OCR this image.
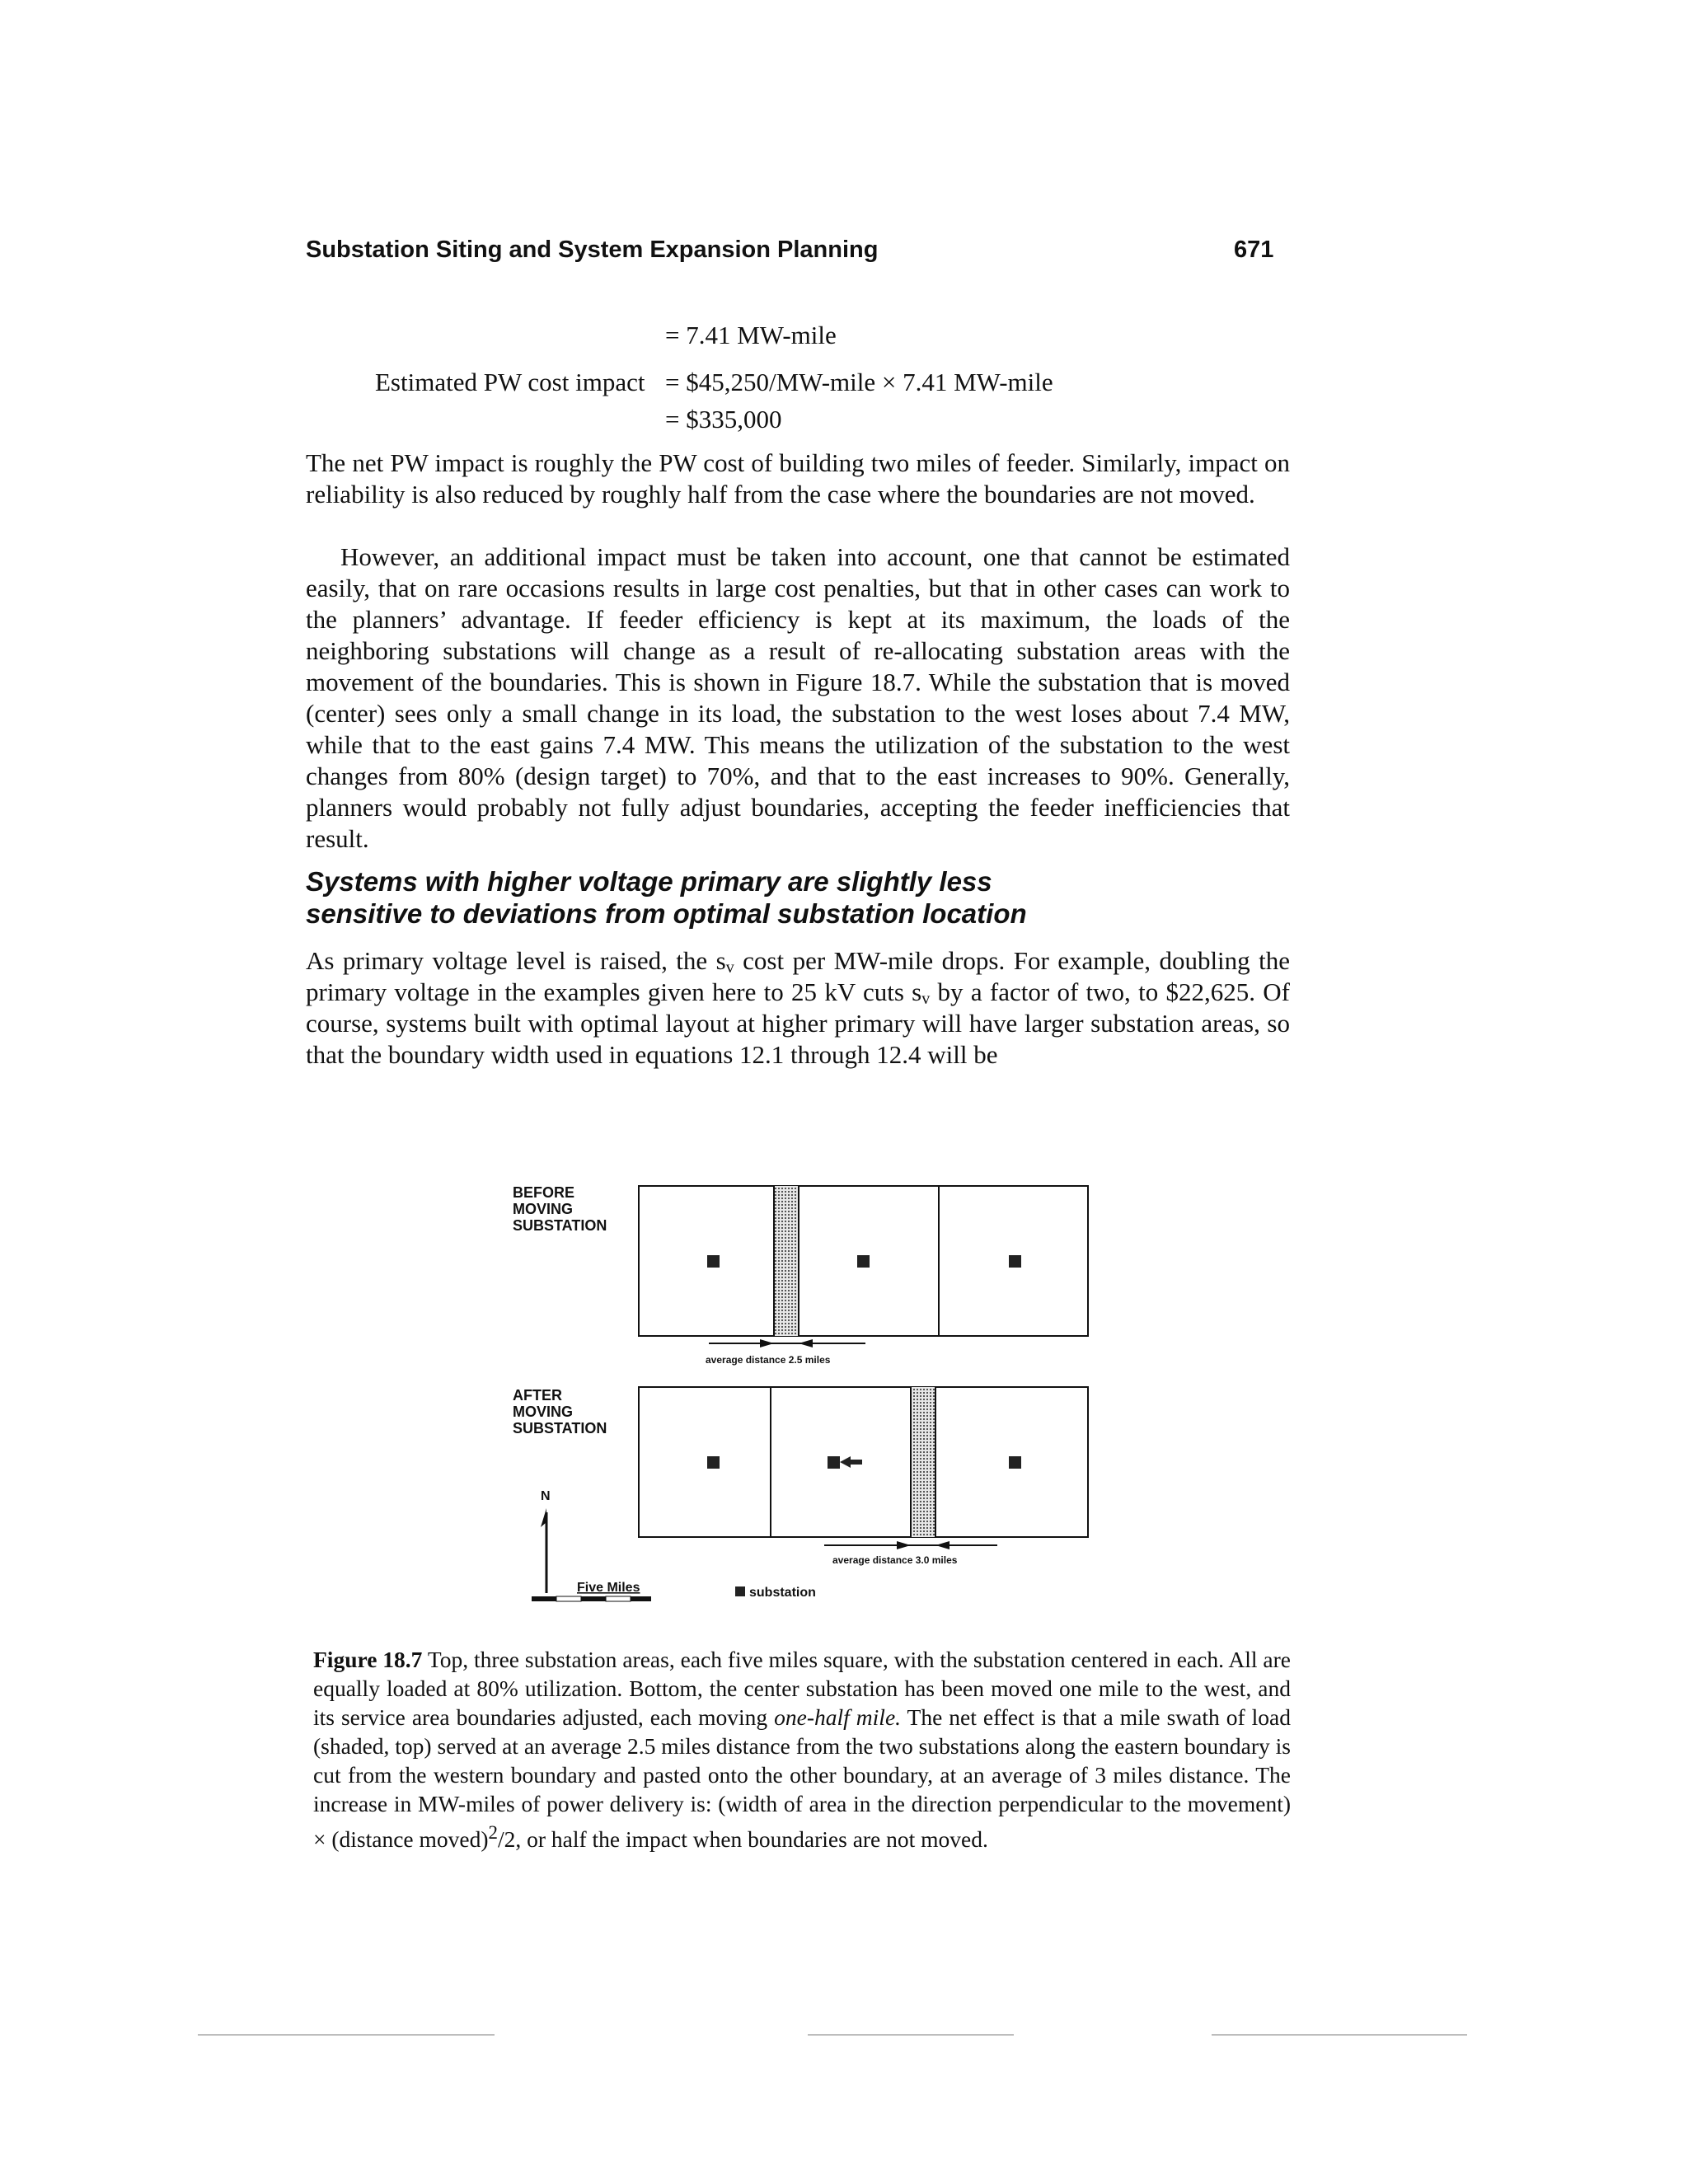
Substation Siting and System Expansion Planning	671
= 7.41 MW-mile
Estimated PW cost impact = $45,250/MW-mile × 7.41 MW-mile
= $335,000

The net PW impact is roughly the PW cost of building two miles of feeder. Similarly, impact on reliability is also reduced by roughly half from the case where the boundaries are not moved.

However, an additional impact must be taken into account, one that cannot be estimated easily, that on rare occasions results in large cost penalties, but that in other cases can work to the planners’ advantage. If feeder efficiency is kept at its maximum, the loads of the neighboring substations will change as a result of re-allocating substation areas with the movement of the boundaries. This is shown in Figure 18.7. While the substation that is moved (center) sees only a small change in its load, the substation to the west loses about 7.4 MW, while that to the east gains 7.4 MW. This means the utilization of the substation to the west changes from 80% (design target) to 70%, and that to the east increases to 90%. Generally, planners would probably not fully adjust boundaries, accepting the feeder inefficiencies that result.

Systems with higher voltage primary are slightly less
sensitive to deviations from optimal substation location

As primary voltage level is raised, the $s_v$ cost per MW-mile drops. For example, doubling the primary voltage in the examples given here to 25 kV cuts $s_v$ by a factor of two, to $22,625. Of course, systems built with optimal layout at higher primary will have larger substation areas, so that the boundary width used in equations 12.1 through 12.4 will be

BEFORE
MOVING
SUBSTATION
average distance 2.5 miles
AFTER
MOVING
SUBSTATION
average distance 3.0 miles
N
Five Miles	substation

Figure 18.7 Top, three substation areas, each five miles square, with the substation centered in each. All are equally loaded at 80% utilization. Bottom, the center substation has been moved one mile to the west, and its service area boundaries adjusted, each moving one-half mile. The net effect is that a mile swath of load (shaded, top) served at an average 2.5 miles distance from the two substations along the eastern boundary is cut from the western boundary and pasted onto the other boundary, at an average of 3 miles distance. The increase in MW-miles of power delivery is: (width of area in the direction perpendicular to the movement) × (distance moved)$^2$/2, or half the impact when boundaries are not moved.
